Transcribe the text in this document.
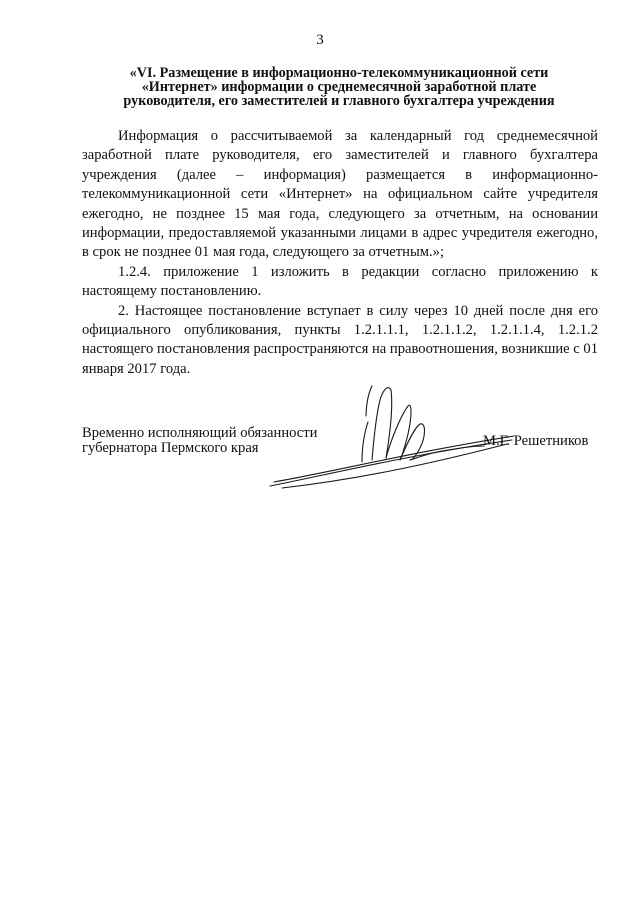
3
«VI. Размещение в информационно-телекоммуникационной сети
«Интернет» информации о среднемесячной заработной плате
руководителя, его заместителей и главного бухгалтера учреждения

Информация о рассчитываемой за календарный год среднемесячной заработной плате руководителя, его заместителей и главного бухгалтера учреждения (далее – информация) размещается в информационно-телекоммуникационной сети «Интернет» на официальном сайте учредителя ежегодно, не позднее 15 мая года, следующего за отчетным, на основании информации, предоставляемой указанными лицами в адрес учредителя ежегодно, в срок не позднее 01 мая года, следующего за отчетным.»;

1.2.4. приложение 1 изложить в редакции согласно приложению к настоящему постановлению.

2. Настоящее постановление вступает в силу через 10 дней после дня его официального опубликования, пункты 1.2.1.1.1, 1.2.1.1.2, 1.2.1.1.4, 1.2.1.2 настоящего постановления распространяются на правоотношения, возникшие с 01 января 2017 года.

Временно исполняющий обязанности
губернатора Пермского края	М.Г. Решетников
